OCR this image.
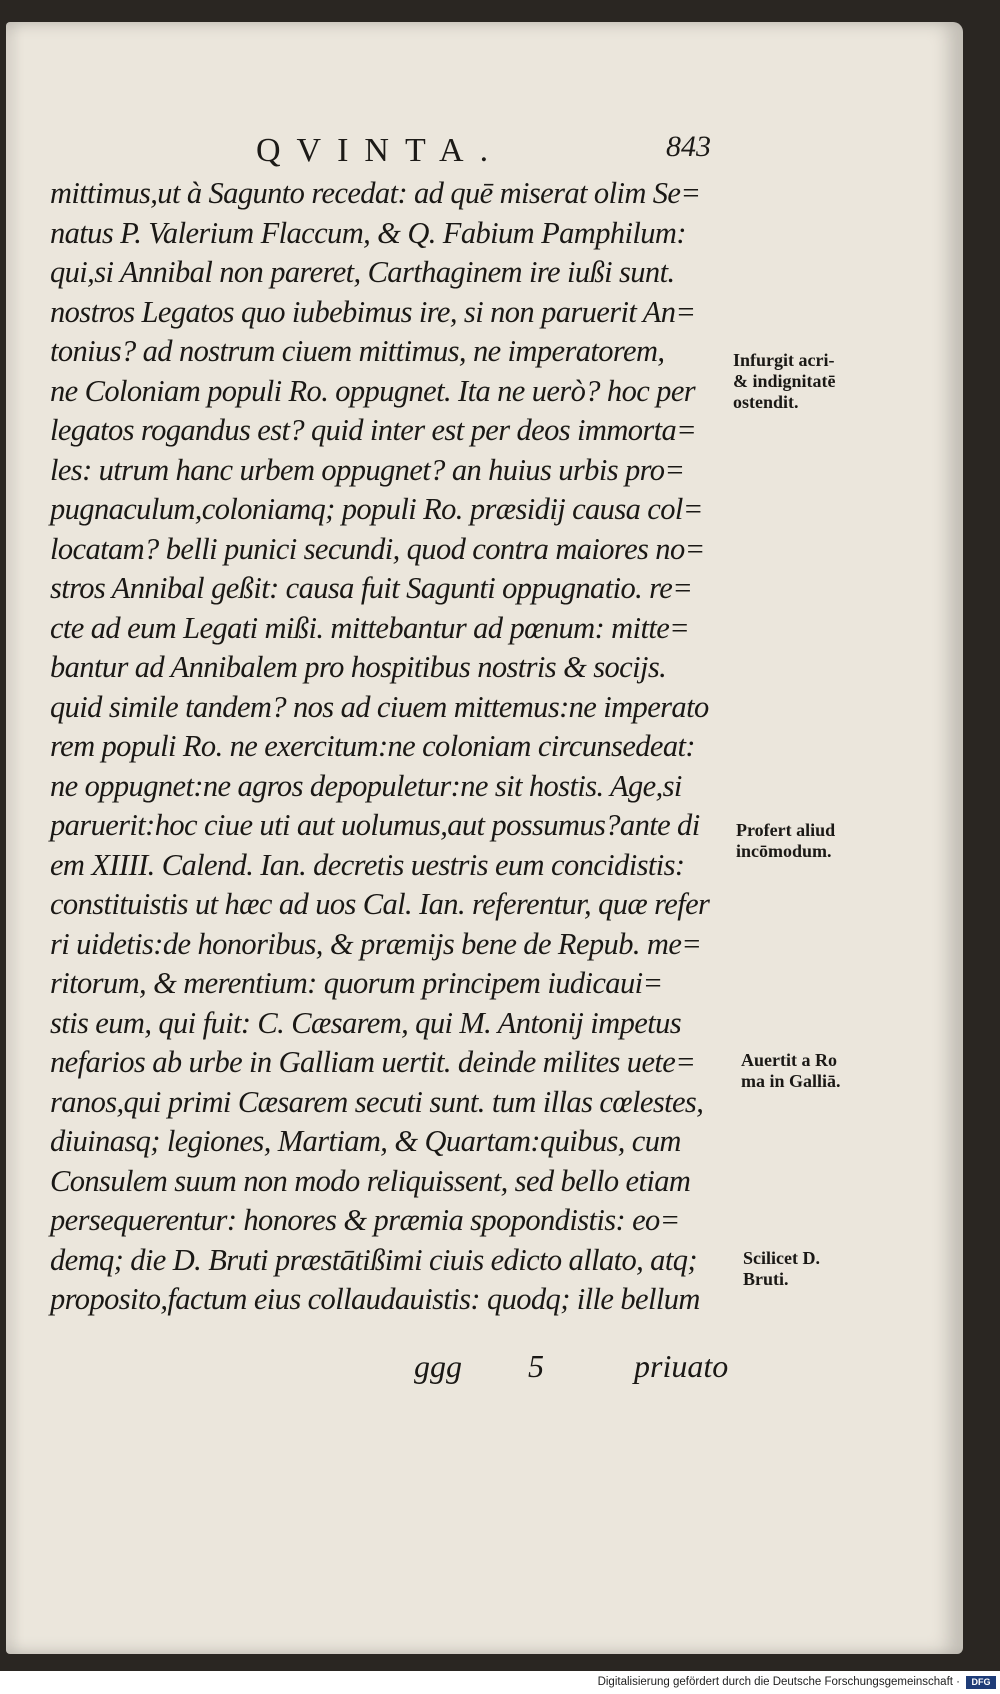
QVINTA.	843
mittimus,ut à Sagunto recedat: ad quē miserat olim Se=
natus P. Valerium Flaccum, & Q. Fabium Pamphilum:
qui,si Annibal non pareret, Carthaginem ire iußi sunt.
nostros Legatos quo iubebimus ire, si non paruerit An=
tonius? ad nostrum ciuem mittimus, ne imperatorem,
ne Coloniam populi Ro. oppugnet. Ita ne uerò? hoc per
legatos rogandus est? quid inter est per deos immorta=
les: utrum hanc urbem oppugnet? an huius urbis pro=
pugnaculum,coloniamq; populi Ro. præsidij causa col=
locatam? belli punici secundi, quod contra maiores no=
stros Annibal geßit: causa fuit Sagunti oppugnatio. re=
cte ad eum Legati mißi. mittebantur ad pœnum: mitte=
bantur ad Annibalem pro hospitibus nostris & socijs.
quid simile tandem? nos ad ciuem mittemus:ne imperato
rem populi Ro. ne exercitum:ne coloniam circunsedeat:
ne oppugnet:ne agros depopuletur:ne sit hostis. Age,si
paruerit:hoc ciue uti aut uolumus,aut possumus?ante di
em XIIII. Calend. Ian. decretis uestris eum concidistis:
constituistis ut hæc ad uos Cal. Ian. referentur, quæ refer
ri uidetis:de honoribus, & præmijs bene de Repub. me=
ritorum, & merentium: quorum principem iudicaui=
stis eum, qui fuit: C. Cæsarem, qui M. Antonij impetus
nefarios ab urbe in Galliam uertit. deinde milites uete=
ranos,qui primi Cæsarem secuti sunt. tum illas cœlestes,
diuinasq; legiones, Martiam, & Quartam:quibus, cum
Consulem suum non modo reliquissent, sed bello etiam
persequerentur: honores & præmia spopondistis: eo=
demq; die D. Bruti præstātißimi ciuis edicto allato, atq;
proposito,factum eius collaudauistis: quodq; ille bellum
ggg 5	priuato
Infurgit acri-
& indignitatē
ostendit.
Profert aliud
incōmodum.
Auertit a Ro
ma in Galliā.
Scilicet D.
Bruti.
Digitalisierung gefördert durch die Deutsche Forschungsgemeinschaft ·	DFG
